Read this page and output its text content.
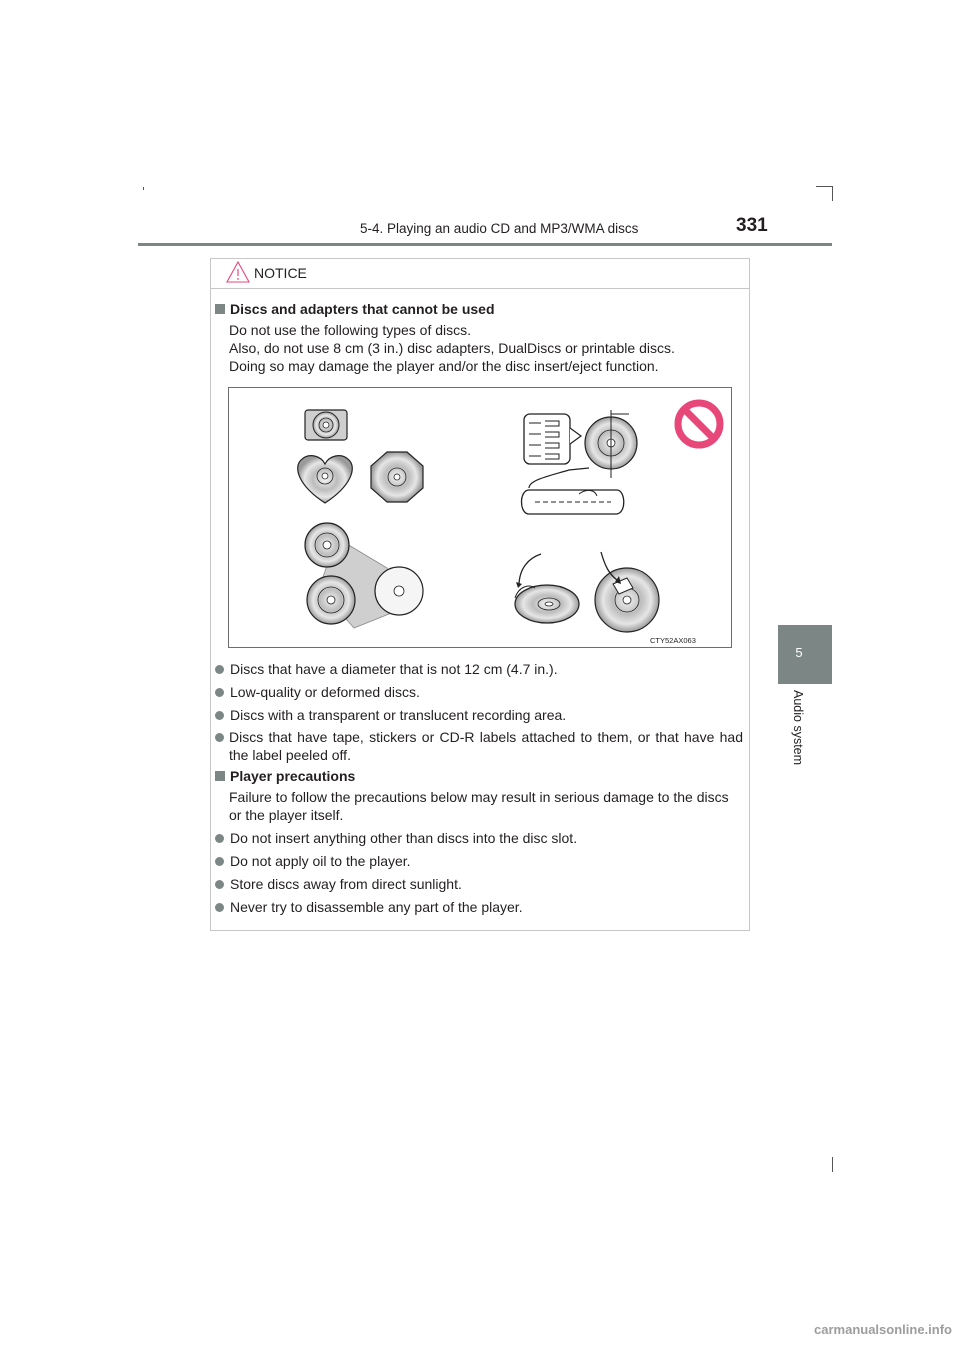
5-4. Playing an audio CD and MP3/WMA discs	331
5
Audio system
NOTICE
Discs and adapters that cannot be used
Do not use the following types of discs.
Also, do not use 8 cm (3 in.) disc adapters, DualDiscs or printable discs.
Doing so may damage the player and/or the disc insert/eject function.
CTY52AX063
Discs that have a diameter that is not 12 cm (4.7 in.).
Low-quality or deformed discs.
Discs with a transparent or translucent recording area.
Discs that have tape, stickers or CD-R labels attached to them, or that have had the label peeled off.
Player precautions
Failure to follow the precautions below may result in serious damage to the discs or the player itself.
Do not insert anything other than discs into the disc slot.
Do not apply oil to the player.
Store discs away from direct sunlight.
Never try to disassemble any part of the player.
carmanualsonline.info
